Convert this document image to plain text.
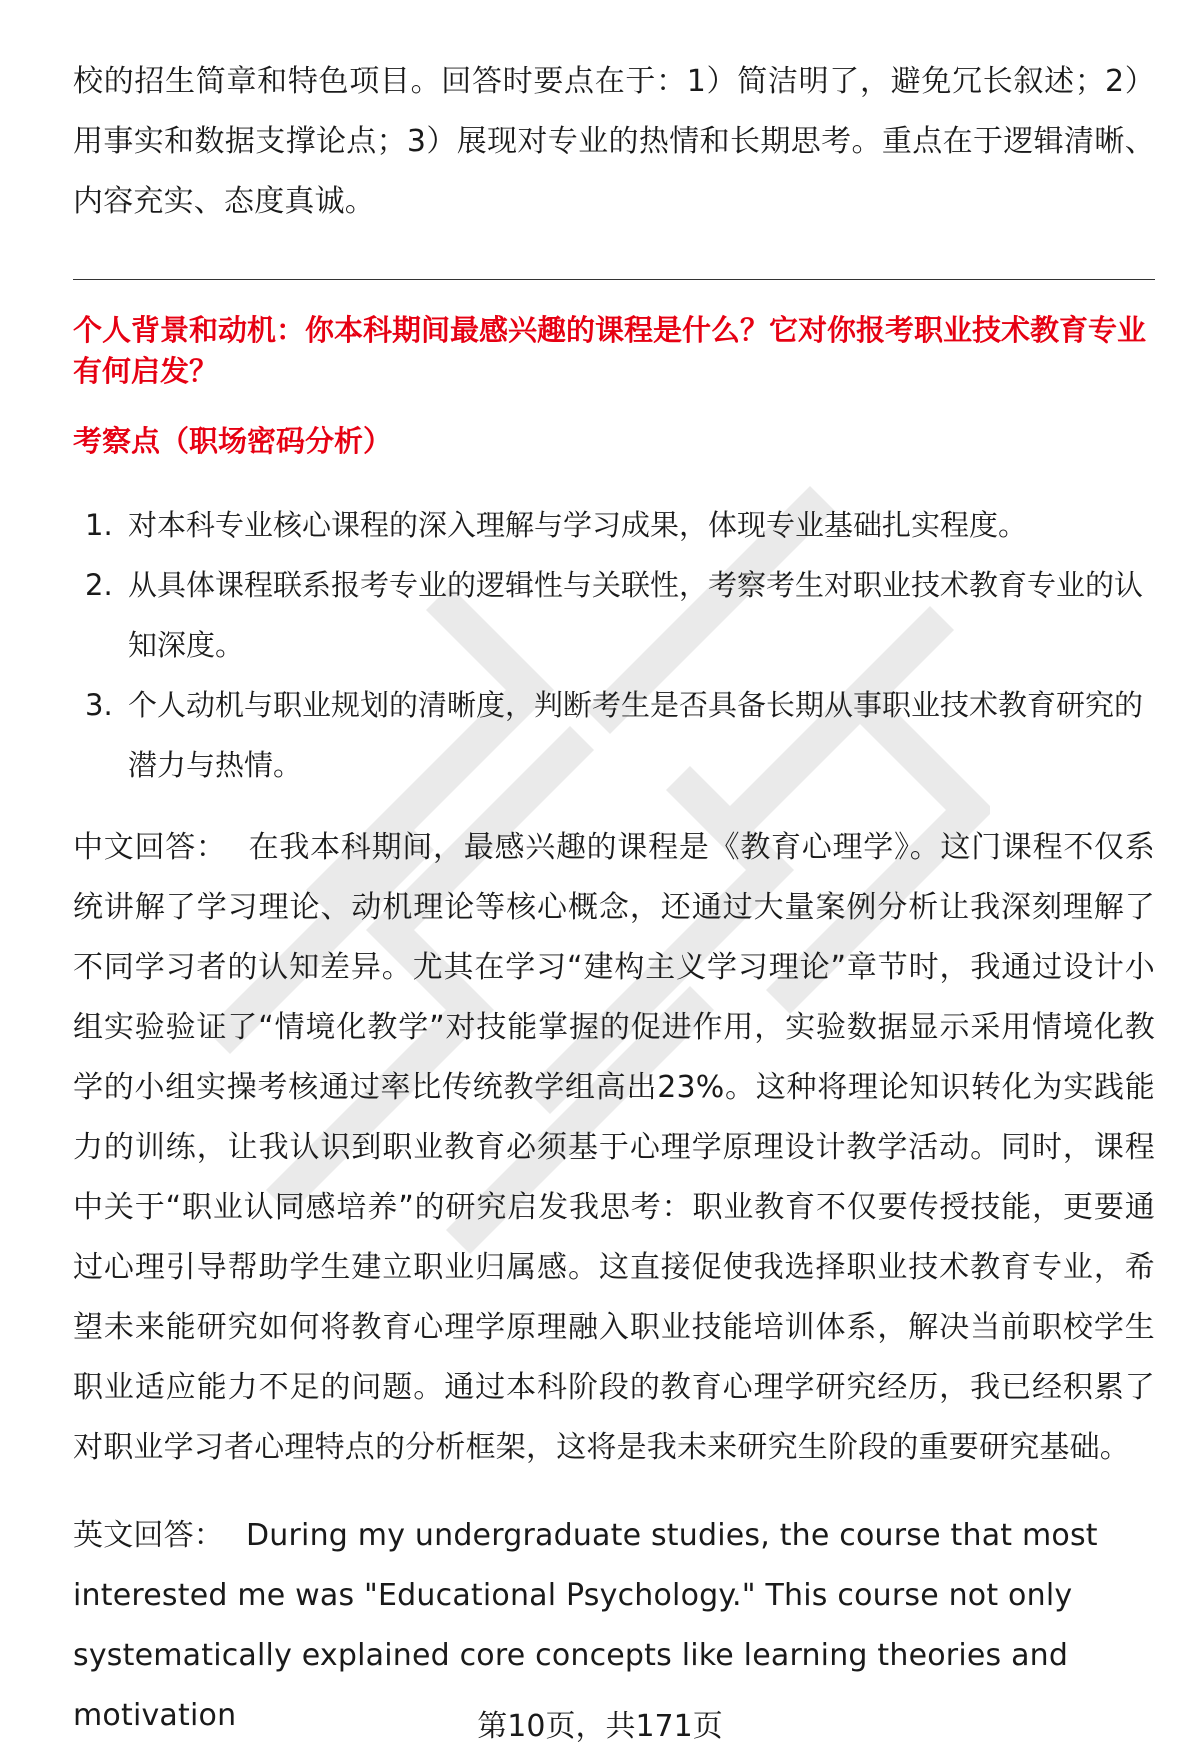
校的招生简章和特色项目。回答时要点在于：1）简洁明了，避免冗长叙述；2）用事实和数据支撑论点；3）展现对专业的热情和长期思考。重点在于逻辑清晰、内容充实、态度真诚。

个人背景和动机：你本科期间最感兴趣的课程是什么？它对你报考职业技术教育专业有何启发？
考察点（职场密码分析）
1. 对本科专业核心课程的深入理解与学习成果，体现专业基础扎实程度。
2. 从具体课程联系报考专业的逻辑性与关联性，考察考生对职业技术教育专业的认知深度。
3. 个人动机与职业规划的清晰度，判断考生是否具备长期从事职业技术教育研究的潜力与热情。

中文回答： 在我本科期间，最感兴趣的课程是《教育心理学》。这门课程不仅系统讲解了学习理论、动机理论等核心概念，还通过大量案例分析让我深刻理解了不同学习者的认知差异。尤其在学习“建构主义学习理论”章节时，我通过设计小组实验验证了“情境化教学”对技能掌握的促进作用，实验数据显示采用情境化教学的小组实操考核通过率比传统教学组高出23%。这种将理论知识转化为实践能力的训练，让我认识到职业教育必须基于心理学原理设计教学活动。同时，课程中关于“职业认同感培养”的研究启发我思考：职业教育不仅要传授技能，更要通过心理引导帮助学生建立职业归属感。这直接促使我选择职业技术教育专业，希望未来能研究如何将教育心理学原理融入职业技能培训体系，解决当前职校学生职业适应能力不足的问题。通过本科阶段的教育心理学研究经历，我已经积累了对职业学习者心理特点的分析框架，这将是我未来研究生阶段的重要研究基础。

英文回答： During my undergraduate studies, the course that most interested me was "Educational Psychology." This course not only systematically explained core concepts like learning theories and motivation	第10页，共171页
